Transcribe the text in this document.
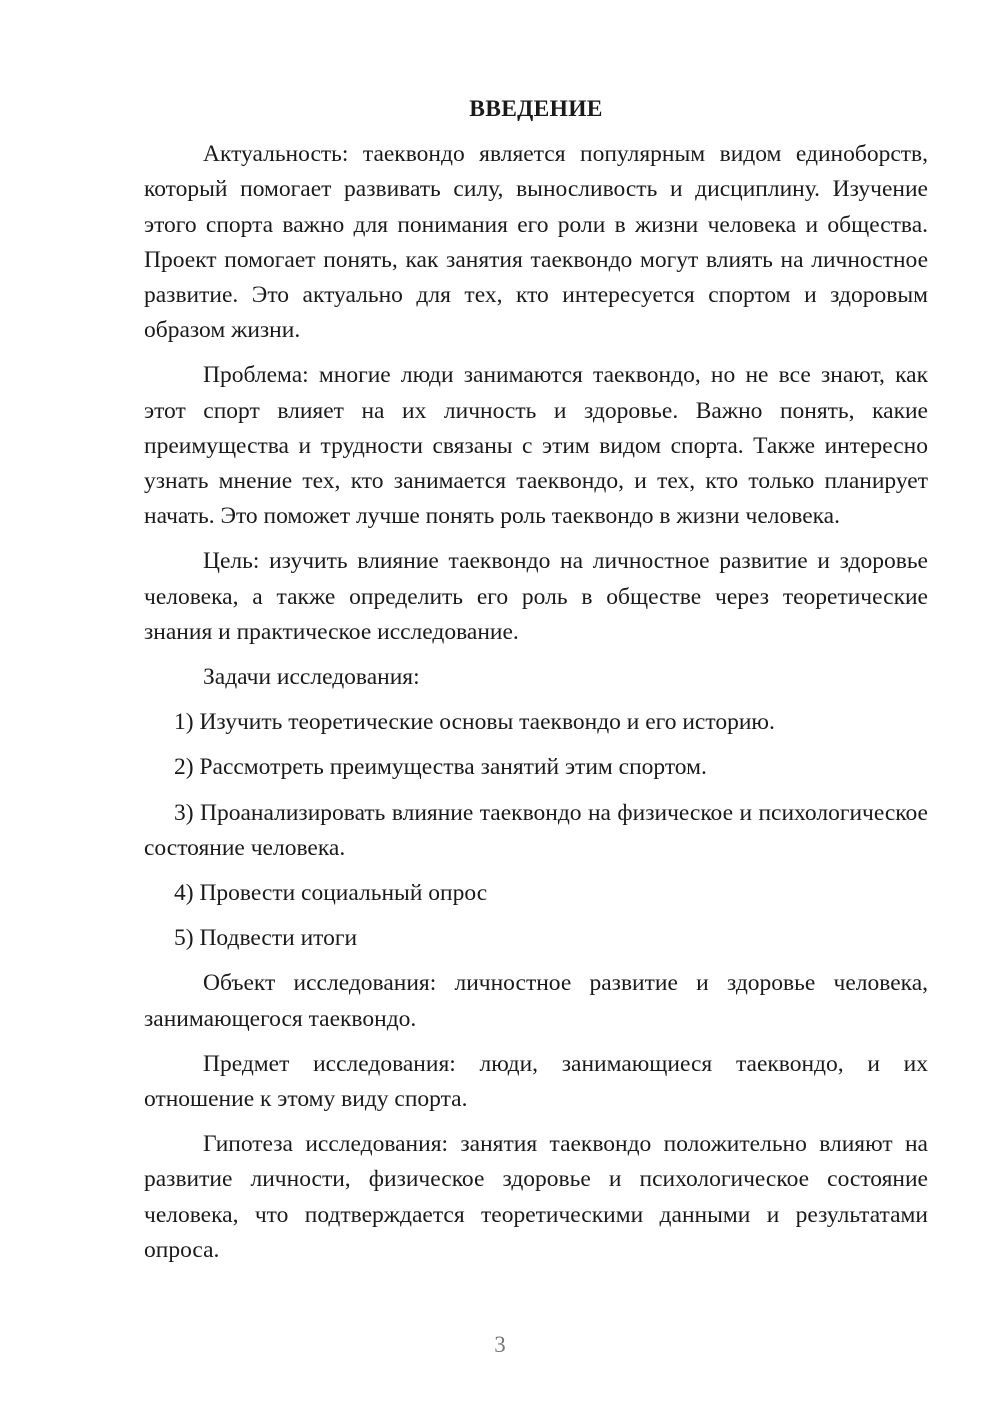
ВВЕДЕНИЕ

Актуальность: таеквондо является популярным видом единоборств, который помогает развивать силу, выносливость и дисциплину. Изучение этого спорта важно для понимания его роли в жизни человека и общества. Проект помогает понять, как занятия таеквондо могут влиять на личностное развитие. Это актуально для тех, кто интересуется спортом и здоровым образом жизни.

Проблема: многие люди занимаются таеквондо, но не все знают, как этот спорт влияет на их личность и здоровье. Важно понять, какие преимущества и трудности связаны с этим видом спорта. Также интересно узнать мнение тех, кто занимается таеквондо, и тех, кто только планирует начать. Это поможет лучше понять роль таеквондо в жизни человека.

Цель: изучить влияние таеквондо на личностное развитие и здоровье человека, а также определить его роль в обществе через теоретические знания и практическое исследование.

Задачи исследования:

1) Изучить теоретические основы таеквондо и его историю.

2) Рассмотреть преимущества занятий этим спортом.

3) Проанализировать влияние таеквондо на физическое и психологическое состояние человека.

4) Провести социальный опрос

5) Подвести итоги

Объект исследования: личностное развитие и здоровье человека, занимающегося таеквондо.

Предмет исследования: люди, занимающиеся таеквондо, и их отношение к этому виду спорта.

Гипотеза исследования: занятия таеквондо положительно влияют на развитие личности, физическое здоровье и психологическое состояние человека, что подтверждается теоретическими данными и результатами опроса.

3
